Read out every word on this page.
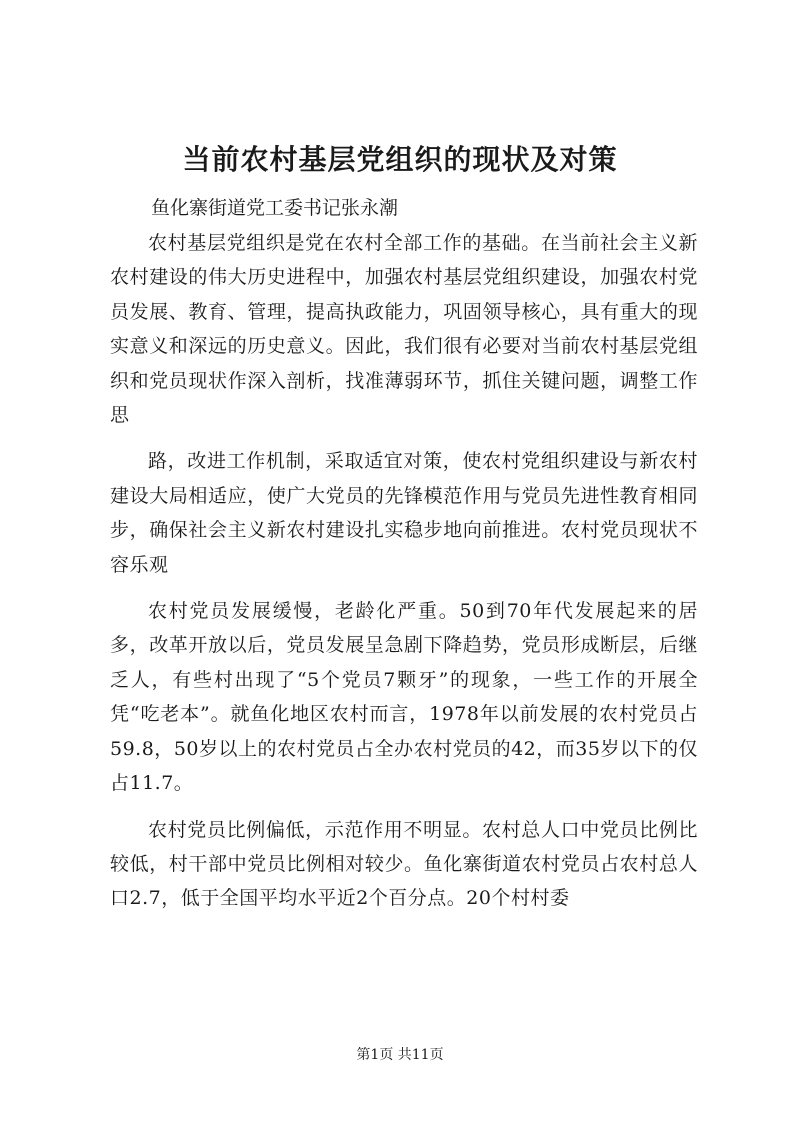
当前农村基层党组织的现状及对策

鱼化寨街道党工委书记张永潮

农村基层党组织是党在农村全部工作的基础。在当前社会主义新农村建设的伟大历史进程中，加强农村基层党组织建设，加强农村党员发展、教育、管理，提高执政能力，巩固领导核心，具有重大的现实意义和深远的历史意义。因此，我们很有必要对当前农村基层党组织和党员现状作深入剖析，找准薄弱环节，抓住关键问题，调整工作思

路，改进工作机制，采取适宜对策，使农村党组织建设与新农村建设大局相适应，使广大党员的先锋模范作用与党员先进性教育相同步，确保社会主义新农村建设扎实稳步地向前推进。农村党员现状不容乐观

农村党员发展缓慢，老龄化严重。50到70年代发展起来的居多，改革开放以后，党员发展呈急剧下降趋势，党员形成断层，后继乏人，有些村出现了“5个党员7颗牙”的现象，一些工作的开展全凭“吃老本”。就鱼化地区农村而言，1978年以前发展的农村党员占59.8，50岁以上的农村党员占全办农村党员的42，而35岁以下的仅占11.7。

农村党员比例偏低，示范作用不明显。农村总人口中党员比例比较低，村干部中党员比例相对较少。鱼化寨街道农村党员占农村总人口2.7，低于全国平均水平近2个百分点。20个村村委

第1页 共11页
